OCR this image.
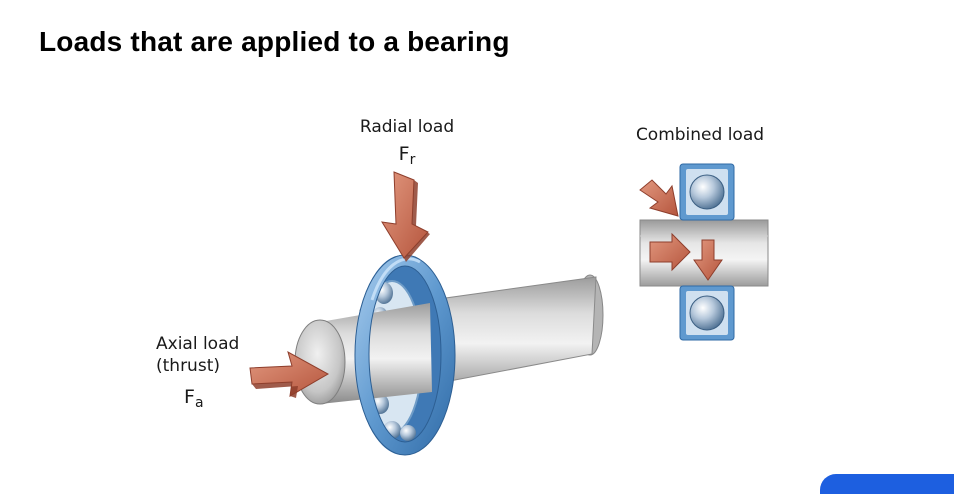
Loads that are applied to a bearing
Radial load
$F_r$
Combined load
Axial load
(thrust)
$F_a$
